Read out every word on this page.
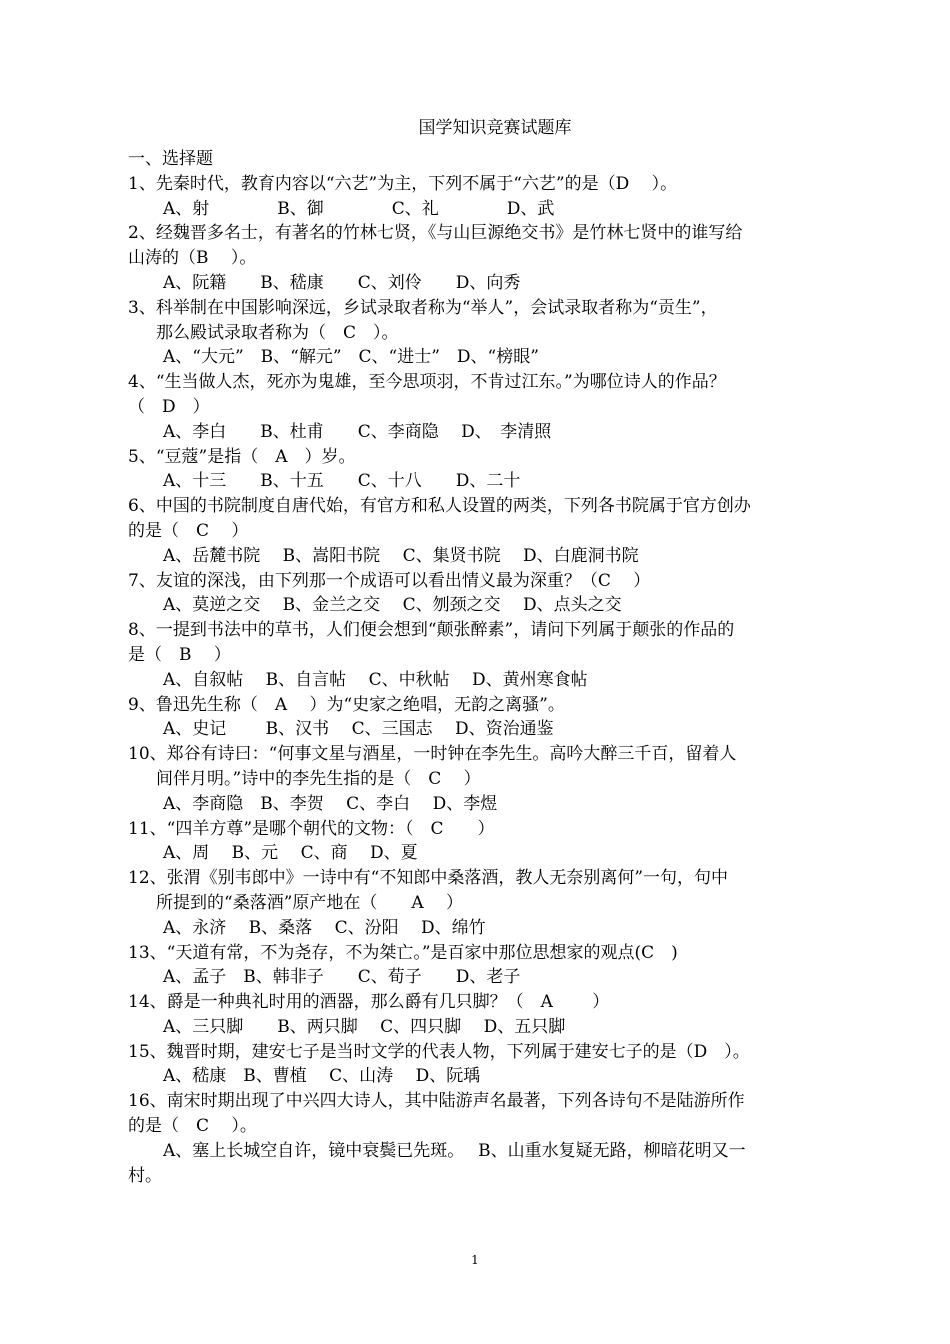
国学知识竞赛试题库
一、选择题
1、先秦时代，教育内容以“六艺”为主，下列不属于“六艺”的是（D　 ）。
A、射　　　　B、御　　　　C、礼　　　　D、武
2、经魏晋多名士，有著名的竹林七贤，《与山巨源绝交书》是竹林七贤中的谁写给
山涛的（B　 ）。
A、阮籍　　B、嵇康　　C、刘伶　　D、向秀
3、科举制在中国影响深远，乡试录取者称为“举人”，会试录取者称为“贡生”，
那么殿试录取者称为（　C　）。
A、“大元”　B、“解元”　C、“进士”　D、“榜眼”
4、“生当做人杰，死亦为鬼雄，至今思项羽，不肯过江东。”为哪位诗人的作品？
（　D　）
A、李白　　B、杜甫　　C、李商隐　 D、　李清照
5、“豆蔻”是指（　A　）岁。
A、十三　　B、十五　　C、十八　　D、二十
6、中国的书院制度自唐代始，有官方和私人设置的两类，下列各书院属于官方创办
的是（　C　 ）
A、岳麓书院　 B、嵩阳书院　 C、集贤书院　 D、白鹿洞书院
7、友谊的深浅，由下列那一个成语可以看出情义最为深重？（C　 ）
A、莫逆之交　 B、金兰之交　 C、刎颈之交　 D、点头之交
8、一提到书法中的草书，人们便会想到“颠张醉素”，请问下列属于颠张的作品的
是（　B　 ）
A、自叙帖　 B、自言帖　 C、中秋帖　 D、黄州寒食帖
9、鲁迅先生称（　A　 ）为“史家之绝唱，无韵之离骚”。
A、史记　　 B、汉书　 C、三国志　 D、资治通鉴
10、郑谷有诗曰：“何事文星与酒星，一时钟在李先生。高吟大醉三千百，留着人
间伴月明。”诗中的李先生指的是（　C　 ）
A、李商隐　B、李贺　 C、李白　 D、李煜
11、“四羊方尊”是哪个朝代的文物：（　C　　）
A、周　 B、元　 C、商　 D、夏
12、张渭《别韦郎中》一诗中有“不知郎中桑落酒，教人无奈别离何”一句，句中
所提到的“桑落酒”原产地在（　　A　 ）
A、永济　 B、桑落　 C、汾阳　 D、绵竹
13、“天道有常，不为尧存，不为桀亡。”是百家中那位思想家的观点(C　)
A、孟子　B、韩非子　　C、荀子　　D、老子
14、爵是一种典礼时用的酒器，那么爵有几只脚？（　A　　 ）
A、三只脚　　B、两只脚　 C、四只脚　 D、五只脚
15、魏晋时期，建安七子是当时文学的代表人物，下列属于建安七子的是（D　）。
A、嵇康　B、曹植　 C、山涛　 D、阮瑀
16、南宋时期出现了中兴四大诗人，其中陆游声名最著，下列各诗句不是陆游所作
的是（　C　 ）。
A、塞上长城空自许，镜中衰鬓已先斑。　 B、山重水复疑无路，柳暗花明又一
村。
1
